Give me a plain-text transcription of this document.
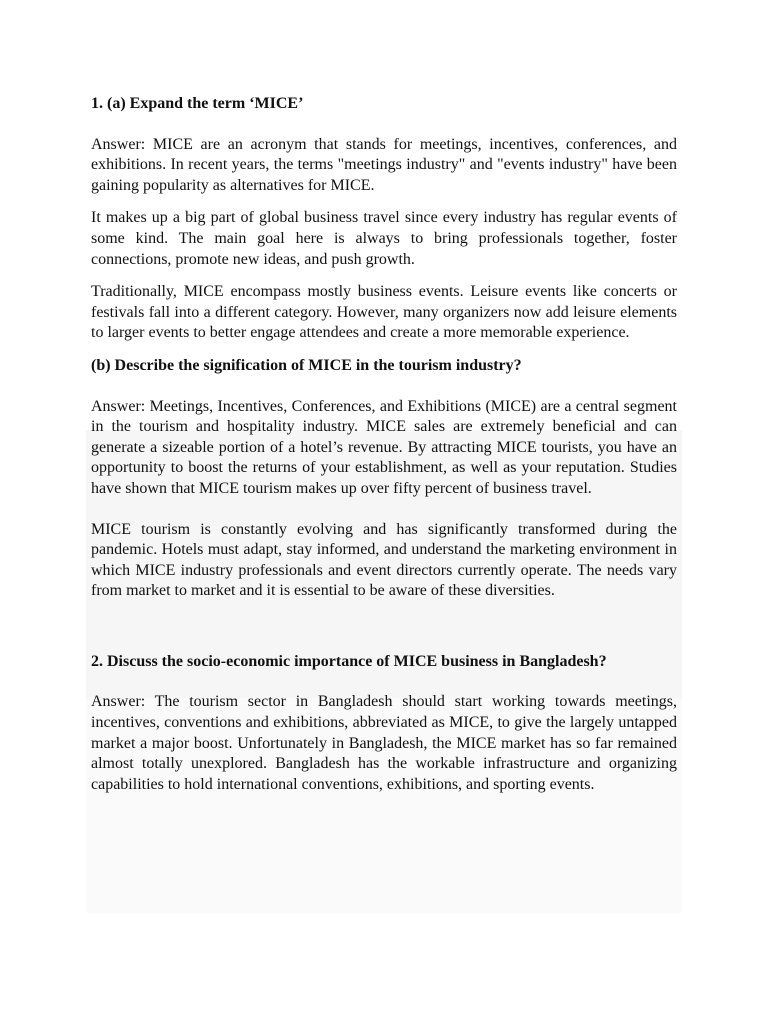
1. (a) Expand the term ‘MICE’

Answer: MICE are an acronym that stands for meetings, incentives, conferences, and exhibitions. In recent years, the terms "meetings industry" and "events industry" have been gaining popularity as alternatives for MICE.

It makes up a big part of global business travel since every industry has regular events of some kind. The main goal here is always to bring professionals together, foster connections, promote new ideas, and push growth.

Traditionally, MICE encompass mostly business events. Leisure events like concerts or festivals fall into a different category. However, many organizers now add leisure elements to larger events to better engage attendees and create a more memorable experience.

(b) Describe the signification of MICE in the tourism industry?

Answer: Meetings, Incentives, Conferences, and Exhibitions (MICE) are a central segment in the tourism and hospitality industry. MICE sales are extremely beneficial and can generate a sizeable portion of a hotel’s revenue. By attracting MICE tourists, you have an opportunity to boost the returns of your establishment, as well as your reputation. Studies have shown that MICE tourism makes up over fifty percent of business travel.

MICE tourism is constantly evolving and has significantly transformed during the pandemic. Hotels must adapt, stay informed, and understand the marketing environment in which MICE industry professionals and event directors currently operate. The needs vary from market to market and it is essential to be aware of these diversities.

2. Discuss the socio-economic importance of MICE business in Bangladesh?

Answer: The tourism sector in Bangladesh should start working towards meetings, incentives, conventions and exhibitions, abbreviated as MICE, to give the largely untapped market a major boost. Unfortunately in Bangladesh, the MICE market has so far remained almost totally unexplored. Bangladesh has the workable infrastructure and organizing capabilities to hold international conventions, exhibitions, and sporting events.
